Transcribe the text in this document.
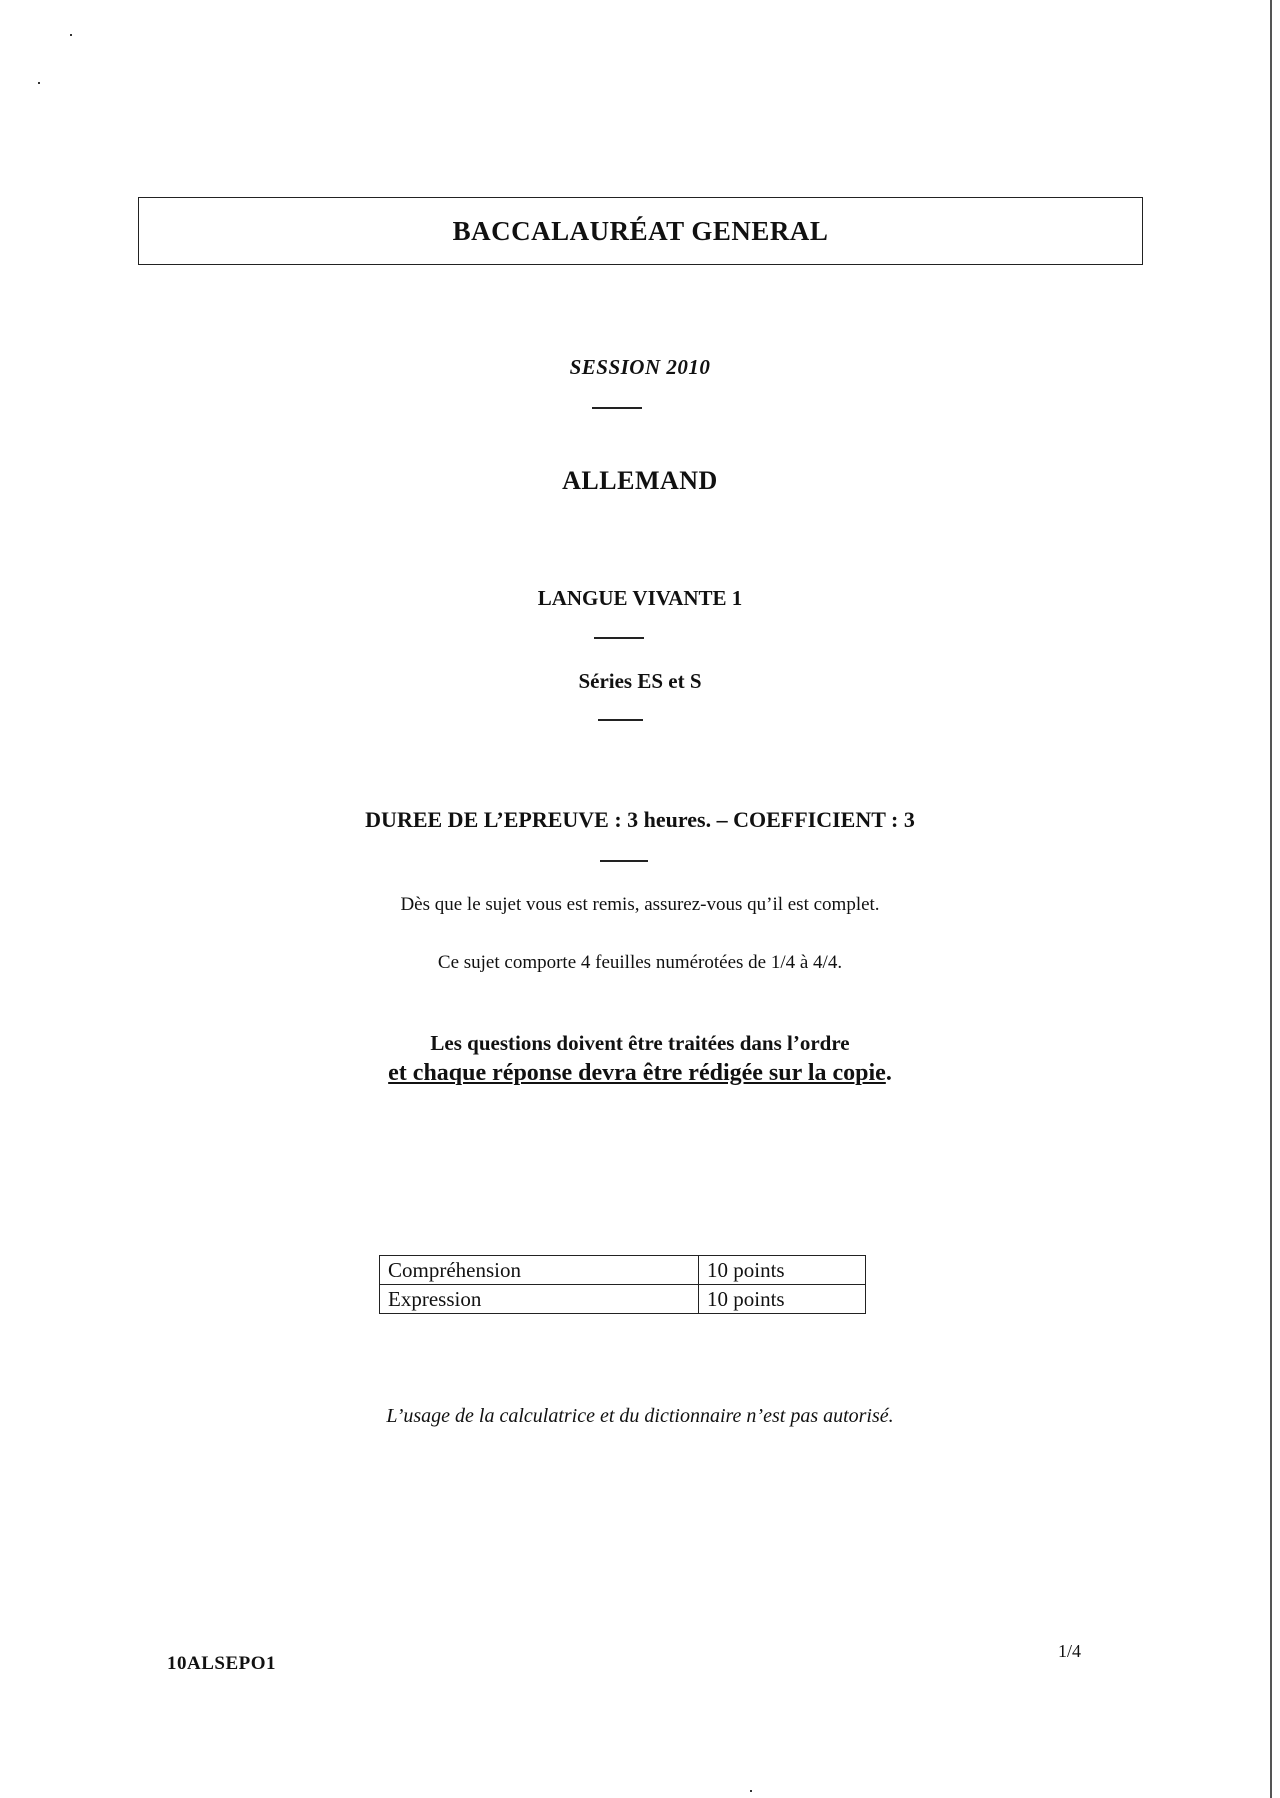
BACCALAURÉAT GENERAL
SESSION 2010
ALLEMAND
LANGUE VIVANTE 1
Séries ES et S
DUREE DE L’EPREUVE : 3 heures. – COEFFICIENT : 3
Dès que le sujet vous est remis, assurez-vous qu’il est complet.
Ce sujet comporte 4 feuilles numérotées de 1/4 à 4/4.
Les questions doivent être traitées dans l’ordre
et chaque réponse devra être rédigée sur la copie.
Compréhension	10 points
Expression	10 points
L’usage de la calculatrice et du dictionnaire n’est pas autorisé.
10ALSEPO1
1/4
